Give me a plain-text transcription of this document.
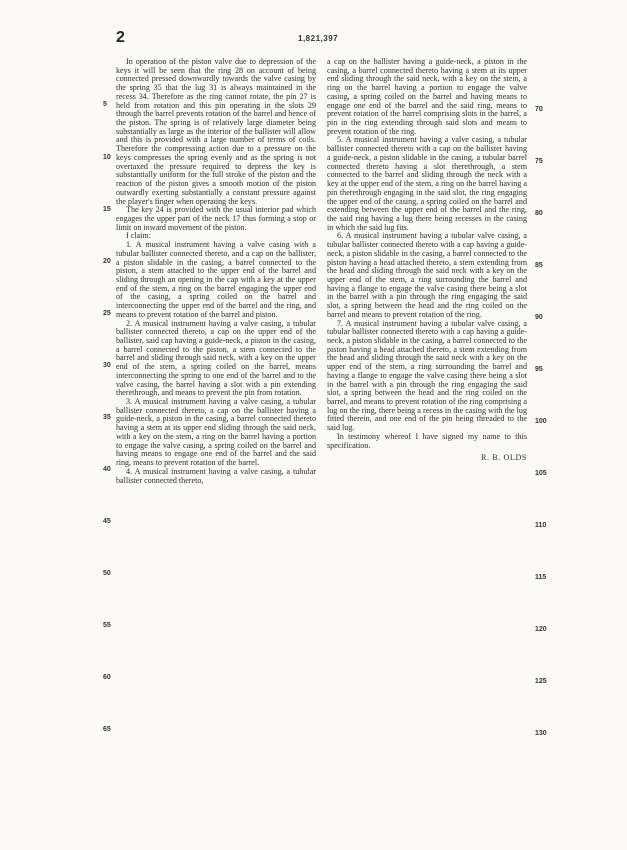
2	1,821,397

In operation of the piston valve due to depression of the keys it will be seen that the ring 28 on account of being connected pressed downwardly towards the valve casing by the spring 35 that the lug 31 is always maintained in the recess 34. Therefore as the ring cannot rotate, the pin 27 is held from rotation and this pin operating in the slots 29 through the barrel prevents rotation of the barrel and hence of the piston. The spring is of relatively large diameter being substantially as large as the interior of the ballister will allow and this is provided with a large number of terms of coils. Therefore the compressing action due to a pressure on the keys compresses the spring evenly and as the spring is not overtaxed the pressure required to depress the key is substantially uniform for the full stroke of the piston and the reaction of the piston gives a smooth motion of the piston outwardly exerting substantially a constant pressure against the player's finger when operating the keys.

The key 24 is provided with the usual interior pad which engages the upper part of the neck 17 thus forming a stop or limit on inward movement of the piston.

I claim:

1. A musical instrument having a valve casing with a tubular ballister connected thereto, and a cap on the ballister, a piston slidable in the casing, a barrel connected to the piston, a stem attached to the upper end of the barrel and sliding through an opening in the cap with a key at the upper end of the stem, a ring on the barrel engaging the upper end of the casing, a spring coiled on the barrel and interconnecting the upper end of the barrel and the ring, and means to prevent rotation of the barrel and piston.

2. A musical instrument having a valve casing, a tubular ballister connected thereto, a cap on the upper end of the ballister, said cap having a guide-neck, a piston in the casing, a barrel connected to the piston, a stem connected to the barrel and sliding through said neck, with a key on the upper end of the stem, a spring coiled on the barrel, means interconnecting the spring to one end of the barrel and to the valve casing, the barrel having a slot with a pin extending therethrough, and means to prevent the pin from rotation.

3. A musical instrument having a valve casing, a tubular ballister connected thereto, a cap on the ballister having a guide-neck, a piston in the casing, a barrel connected thereto having a stem at its upper end sliding through the said neck, with a key on the stem, a ring on the barrel having a portion to engage the valve casing, a spring coiled on the barrel and having means to engage one end of the barrel and the said ring, means to prevent rotation of the barrel.

4. A musical instrument having a valve casing, a tubular ballister connected thereto,

a cap on the ballister having a guide-neck, a piston in the casing, a barrel connected thereto having a stem at its upper end sliding through the said neck, with a key on the stem, a ring on the barrel having a portion to engage the valve casing, a spring coiled on the barrel and having means to engage one end of the barrel and the said ring, means to prevent rotation of the barrel comprising slots in the barrel, a pin in the ring extending through said slots and means to prevent rotation of the ring.

5. A musical instrument having a valve casing, a tubular ballister connected thereto with a cap on the ballister having a guide-neck, a piston slidable in the casing, a tubular barrel connected thereto having a slot therethrough, a stem connected to the barrel and sliding through the neck with a key at the upper end of the stem, a ring on the barrel having a pin therethrough engaging in the said slot, the ring engaging the upper end of the casing, a spring coiled on the barrel and extending between the upper end of the barrel and the ring, the said ring having a lug there being recesses in the casing in which the said lug fits.

6. A musical instrument having a tubular valve casing, a tubular ballister connected thereto with a cap having a guide-neck, a piston slidable in the casing, a barrel connected to the piston having a head attached thereto, a stem extending from the head and sliding through the said neck with a key on the upper end of the stem, a ring surrounding the barrel and having a flange to engage the valve casing there being a slot in the barrel with a pin through the ring engaging the said slot, a spring between the head and the ring coiled on the barrel and means to prevent rotation of the ring.

7. A musical instrument having a tubular valve casing, a tubular ballister connected thereto with a cap having a guide-neck, a piston slidable in the casing, a barrel connected to the piston having a head attached thereto, a stem extending from the head and sliding through the said neck with a key on the upper end of the stem, a ring surrounding the barrel and having a flange to engage the valve casing there being a slot in the barrel with a pin through the ring engaging the said slot, a spring between the head and the ring coiled on the barrel, and means to prevent rotation of the ring comprising a lug on the ring, there being a recess in the casing with the lug fitted therein, and one end of the pin being threaded to the said lug.

In testimony whereof I have signed my name to this specification.

R. B. OLDS

5
10
15
20
25
30
35
40
45
50
55
60
65
70
75
80
85
90
95
100
105
110
115
120
125
130
